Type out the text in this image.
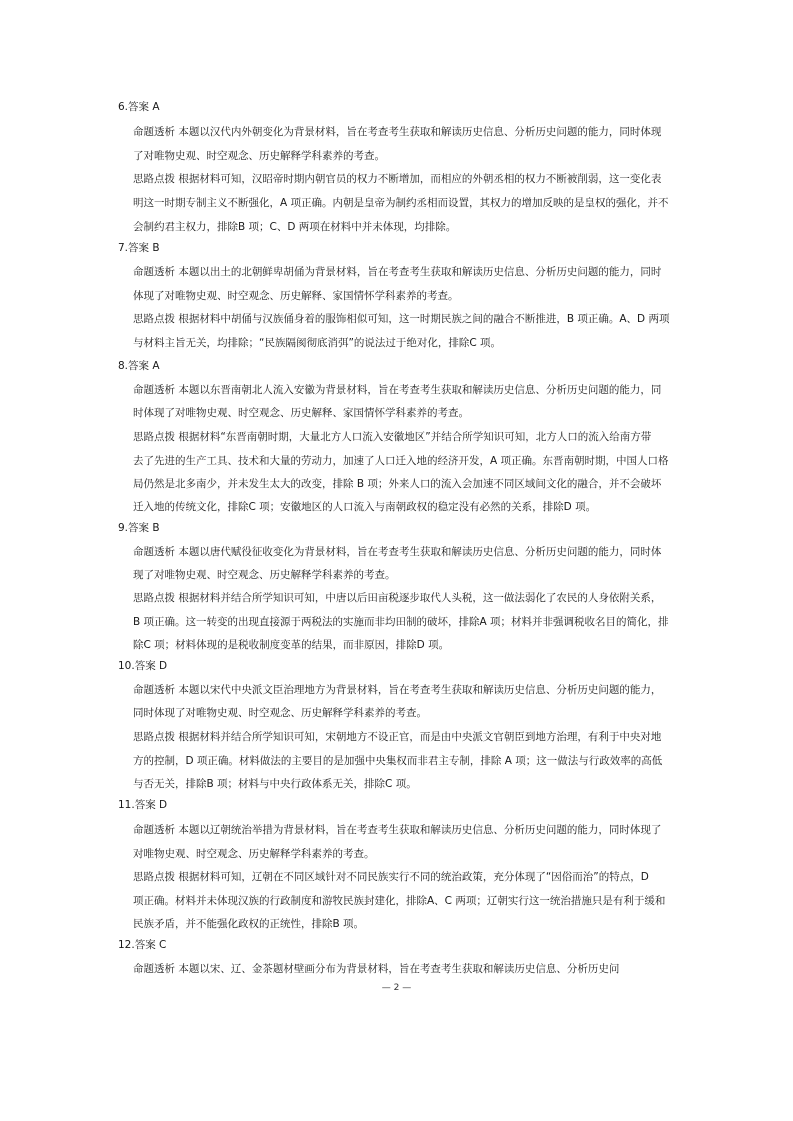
6.答案 A
命题透析 本题以汉代内外朝变化为背景材料，旨在考查考生获取和解读历史信息、分析历史问题的能力，同时体现
了对唯物史观、时空观念、历史解释学科素养的考查。
思路点拨 根据材料可知，汉昭帝时期内朝官员的权力不断增加，而相应的外朝丞相的权力不断被削弱，这一变化表
明这一时期专制主义不断强化，A 项正确。内朝是皇帝为制约丞相而设置，其权力的增加反映的是皇权的强化，并不
会制约君主权力，排除B 项；C、D 两项在材料中并未体现，均排除。
7.答案 B
命题透析 本题以出土的北朝鲜卑胡俑为背景材料，旨在考查考生获取和解读历史信息、分析历史问题的能力，同时
体现了对唯物史观、时空观念、历史解释、家国情怀学科素养的考查。
思路点拨 根据材料中胡俑与汉族俑身着的服饰相似可知，这一时期民族之间的融合不断推进，B 项正确。A、D 两项
与材料主旨无关，均排除；“民族隔阂彻底消弭”的说法过于绝对化，排除C 项。
8.答案 A
命题透析 本题以东晋南朝北人流入安徽为背景材料，旨在考查考生获取和解读历史信息、分析历史问题的能力，同
时体现了对唯物史观、时空观念、历史解释、家国情怀学科素养的考查。
思路点拨 根据材料“东晋南朝时期，大量北方人口流入安徽地区”并结合所学知识可知，北方人口的流入给南方带
去了先进的生产工具、技术和大量的劳动力，加速了人口迁入地的经济开发，A 项正确。东晋南朝时期，中国人口格
局仍然是北多南少，并未发生太大的改变，排除 B 项；外来人口的流入会加速不同区域间文化的融合，并不会破坏
迁入地的传统文化，排除C 项；安徽地区的人口流入与南朝政权的稳定没有必然的关系，排除D 项。
9.答案 B
命题透析 本题以唐代赋役征收变化为背景材料，旨在考查考生获取和解读历史信息、分析历史问题的能力，同时体
现了对唯物史观、时空观念、历史解释学科素养的考查。
思路点拨 根据材料并结合所学知识可知，中唐以后田亩税逐步取代人头税，这一做法弱化了农民的人身依附关系，
B 项正确。这一转变的出现直接源于两税法的实施而非均田制的破坏，排除A 项；材料并非强调税收名目的简化，排
除C 项；材料体现的是税收制度变革的结果，而非原因，排除D 项。
10.答案 D
命题透析 本题以宋代中央派文臣治理地方为背景材料，旨在考查考生获取和解读历史信息、分析历史问题的能力，
同时体现了对唯物史观、时空观念、历史解释学科素养的考查。
思路点拨 根据材料并结合所学知识可知，宋朝地方不设正官，而是由中央派文官朝臣到地方治理，有利于中央对地
方的控制，D 项正确。材料做法的主要目的是加强中央集权而非君主专制，排除 A 项；这一做法与行政效率的高低
与否无关，排除B 项；材料与中央行政体系无关，排除C 项。
11.答案 D
命题透析 本题以辽朝统治举措为背景材料，旨在考查考生获取和解读历史信息、分析历史问题的能力，同时体现了
对唯物史观、时空观念、历史解释学科素养的考查。
思路点拨 根据材料可知，辽朝在不同区域针对不同民族实行不同的统治政策，充分体现了“因俗而治”的特点，D
项正确。材料并未体现汉族的行政制度和游牧民族封建化，排除A、C 两项；辽朝实行这一统治措施只是有利于缓和
民族矛盾，并不能强化政权的正统性，排除B 项。
12.答案 C
命题透析 本题以宋、辽、金茶题材壁画分布为背景材料，旨在考查考生获取和解读历史信息、分析历史问
— 2 —
